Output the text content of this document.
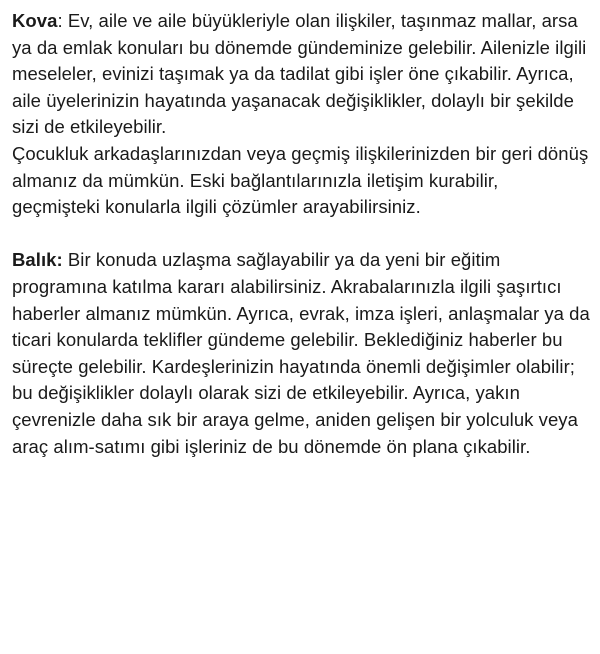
Kova: Ev, aile ve aile büyükleriyle olan ilişkiler, taşınmaz mallar, arsa ya da emlak konuları bu dönemde gündeminize gelebilir. Ailenizle ilgili meseleler, evinizi taşımak ya da tadilat gibi işler öne çıkabilir. Ayrıca, aile üyelerinizin hayatında yaşanacak değişiklikler, dolaylı bir şekilde sizi de etkileyebilir.

Çocukluk arkadaşlarınızdan veya geçmiş ilişkilerinizden bir geri dönüş almanız da mümkün. Eski bağlantılarınızla iletişim kurabilir, geçmişteki konularla ilgili çözümler arayabilirsiniz.

Balık: Bir konuda uzlaşma sağlayabilir ya da yeni bir eğitim programına katılma kararı alabilirsiniz. Akrabalarınızla ilgili şaşırtıcı haberler almanız mümkün. Ayrıca, evrak, imza işleri, anlaşmalar ya da ticari konularda teklifler gündeme gelebilir. Beklediğiniz haberler bu süreçte gelebilir. Kardeşlerinizin hayatında önemli değişimler olabilir; bu değişiklikler dolaylı olarak sizi de etkileyebilir. Ayrıca, yakın çevrenizle daha sık bir araya gelme, aniden gelişen bir yolculuk veya araç alım-satımı gibi işleriniz de bu dönemde ön plana çıkabilir.
